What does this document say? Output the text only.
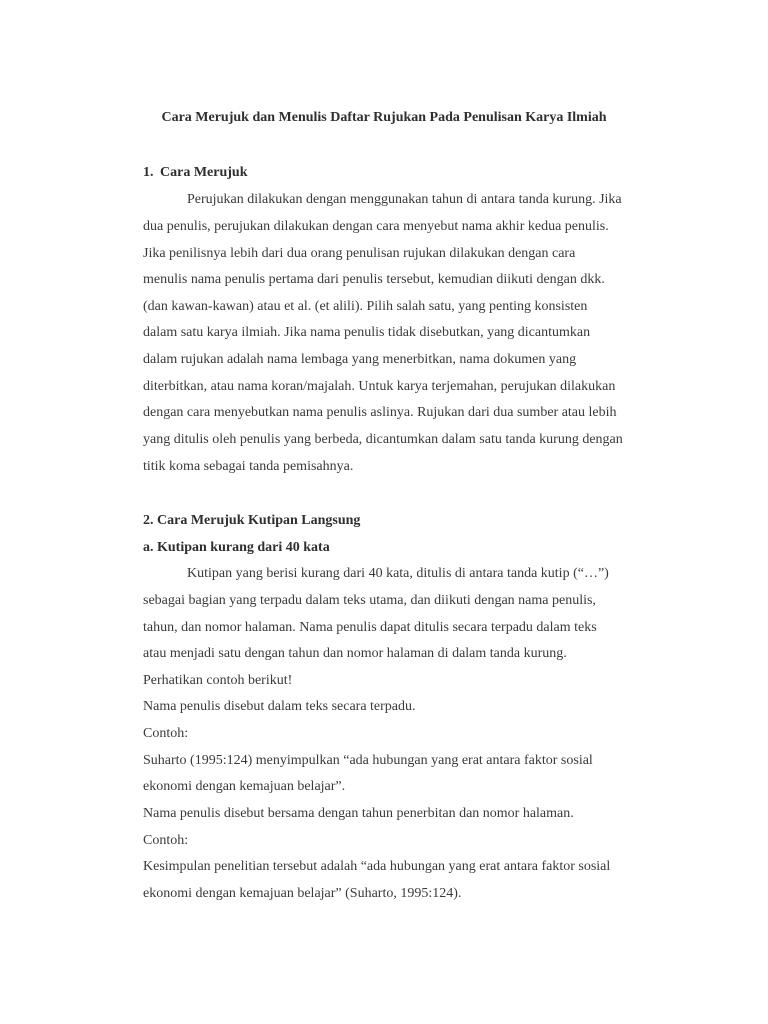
Cara Merujuk dan Menulis Daftar Rujukan Pada Penulisan Karya Ilmiah
1. Cara Merujuk
Perujukan dilakukan dengan menggunakan tahun di antara tanda kurung. Jika
dua penulis, perujukan dilakukan dengan cara menyebut nama akhir kedua penulis.
Jika penilisnya lebih dari dua orang penulisan rujukan dilakukan dengan cara
menulis nama penulis pertama dari penulis tersebut, kemudian diikuti dengan dkk.
(dan kawan-kawan) atau et al. (et alili). Pilih salah satu, yang penting konsisten
dalam satu karya ilmiah. Jika nama penulis tidak disebutkan, yang dicantumkan
dalam rujukan adalah nama lembaga yang menerbitkan, nama dokumen yang
diterbitkan, atau nama koran/majalah. Untuk karya terjemahan, perujukan dilakukan
dengan cara menyebutkan nama penulis aslinya. Rujukan dari dua sumber atau lebih
yang ditulis oleh penulis yang berbeda, dicantumkan dalam satu tanda kurung dengan
titik koma sebagai tanda pemisahnya.
2. Cara Merujuk Kutipan Langsung
a. Kutipan kurang dari 40 kata
Kutipan yang berisi kurang dari 40 kata, ditulis di antara tanda kutip (“…”)
sebagai bagian yang terpadu dalam teks utama, dan diikuti dengan nama penulis,
tahun, dan nomor halaman. Nama penulis dapat ditulis secara terpadu dalam teks
atau menjadi satu dengan tahun dan nomor halaman di dalam tanda kurung.
Perhatikan contoh berikut!
Nama penulis disebut dalam teks secara terpadu.
Contoh:
Suharto (1995:124) menyimpulkan “ada hubungan yang erat antara faktor sosial
ekonomi dengan kemajuan belajar”.
Nama penulis disebut bersama dengan tahun penerbitan dan nomor halaman.
Contoh:
Kesimpulan penelitian tersebut adalah “ada hubungan yang erat antara faktor sosial
ekonomi dengan kemajuan belajar” (Suharto, 1995:124).
